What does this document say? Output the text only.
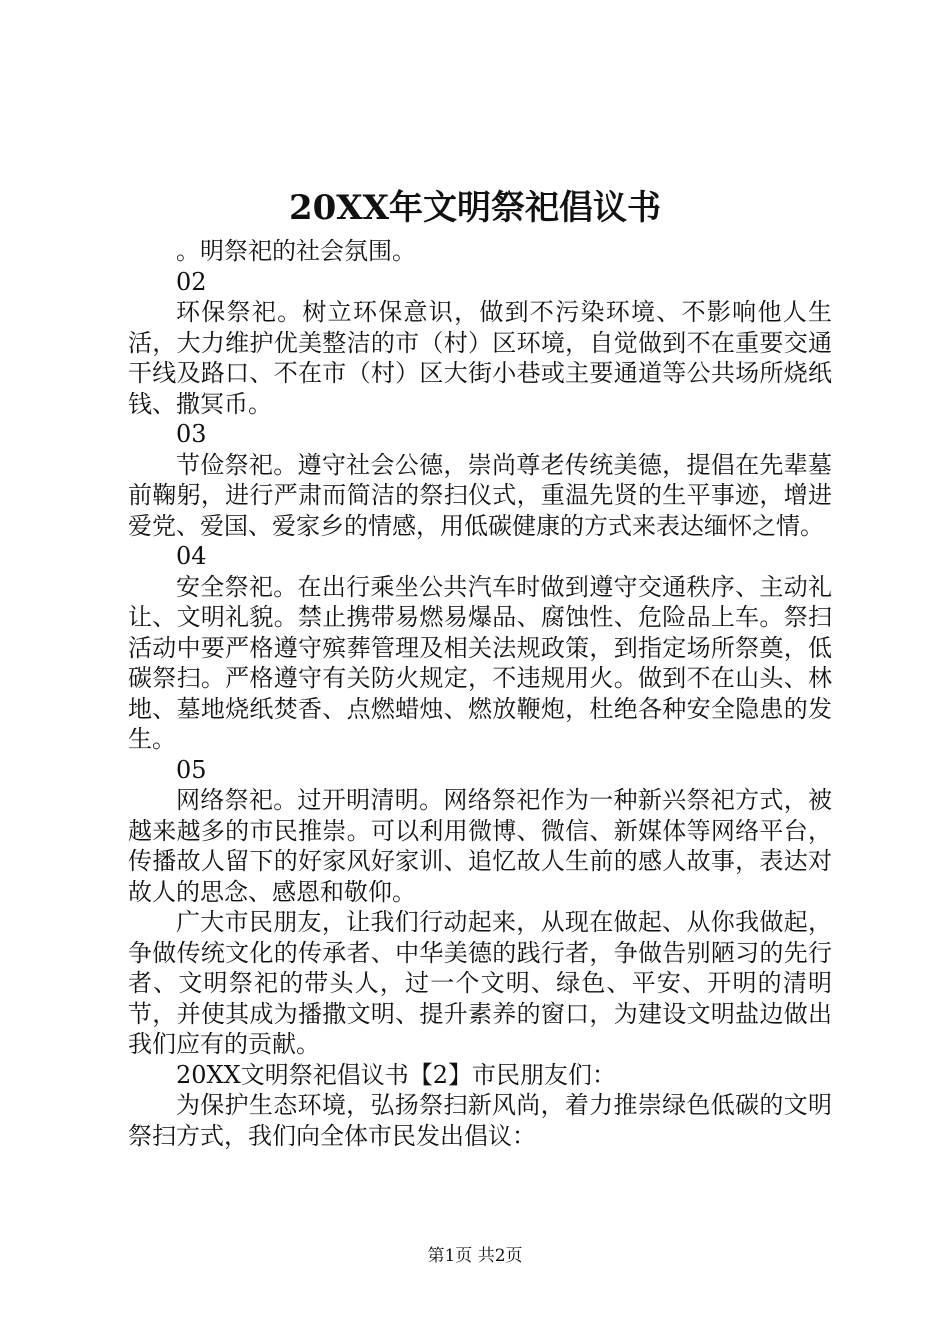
20XX年文明祭祀倡议书

。明祭祀的社会氛围。

02

环保祭祀。树立环保意识，做到不污染环境、不影响他人生活，大力维护优美整洁的市（村）区环境，自觉做到不在重要交通干线及路口、不在市（村）区大街小巷或主要通道等公共场所烧纸钱、撒冥币。

03

节俭祭祀。遵守社会公德，崇尚尊老传统美德，提倡在先辈墓前鞠躬，进行严肃而简洁的祭扫仪式，重温先贤的生平事迹，增进爱党、爱国、爱家乡的情感，用低碳健康的方式来表达缅怀之情。

04

安全祭祀。在出行乘坐公共汽车时做到遵守交通秩序、主动礼让、文明礼貌。禁止携带易燃易爆品、腐蚀性、危险品上车。祭扫活动中要严格遵守殡葬管理及相关法规政策，到指定场所祭奠，低碳祭扫。严格遵守有关防火规定，不违规用火。做到不在山头、林地、墓地烧纸焚香、点燃蜡烛、燃放鞭炮，杜绝各种安全隐患的发生。

05

网络祭祀。过开明清明。网络祭祀作为一种新兴祭祀方式，被越来越多的市民推崇。可以利用微博、微信、新媒体等网络平台，传播故人留下的好家风好家训、追忆故人生前的感人故事，表达对故人的思念、感恩和敬仰。

广大市民朋友，让我们行动起来，从现在做起、从你我做起，争做传统文化的传承者、中华美德的践行者，争做告别陋习的先行者、文明祭祀的带头人，过一个文明、绿色、平安、开明的清明节，并使其成为播撒文明、提升素养的窗口，为建设文明盐边做出我们应有的贡献。

20XX文明祭祀倡议书【2】市民朋友们：

为保护生态环境，弘扬祭扫新风尚，着力推崇绿色低碳的文明祭扫方式，我们向全体市民发出倡议：

第1页 共2页
